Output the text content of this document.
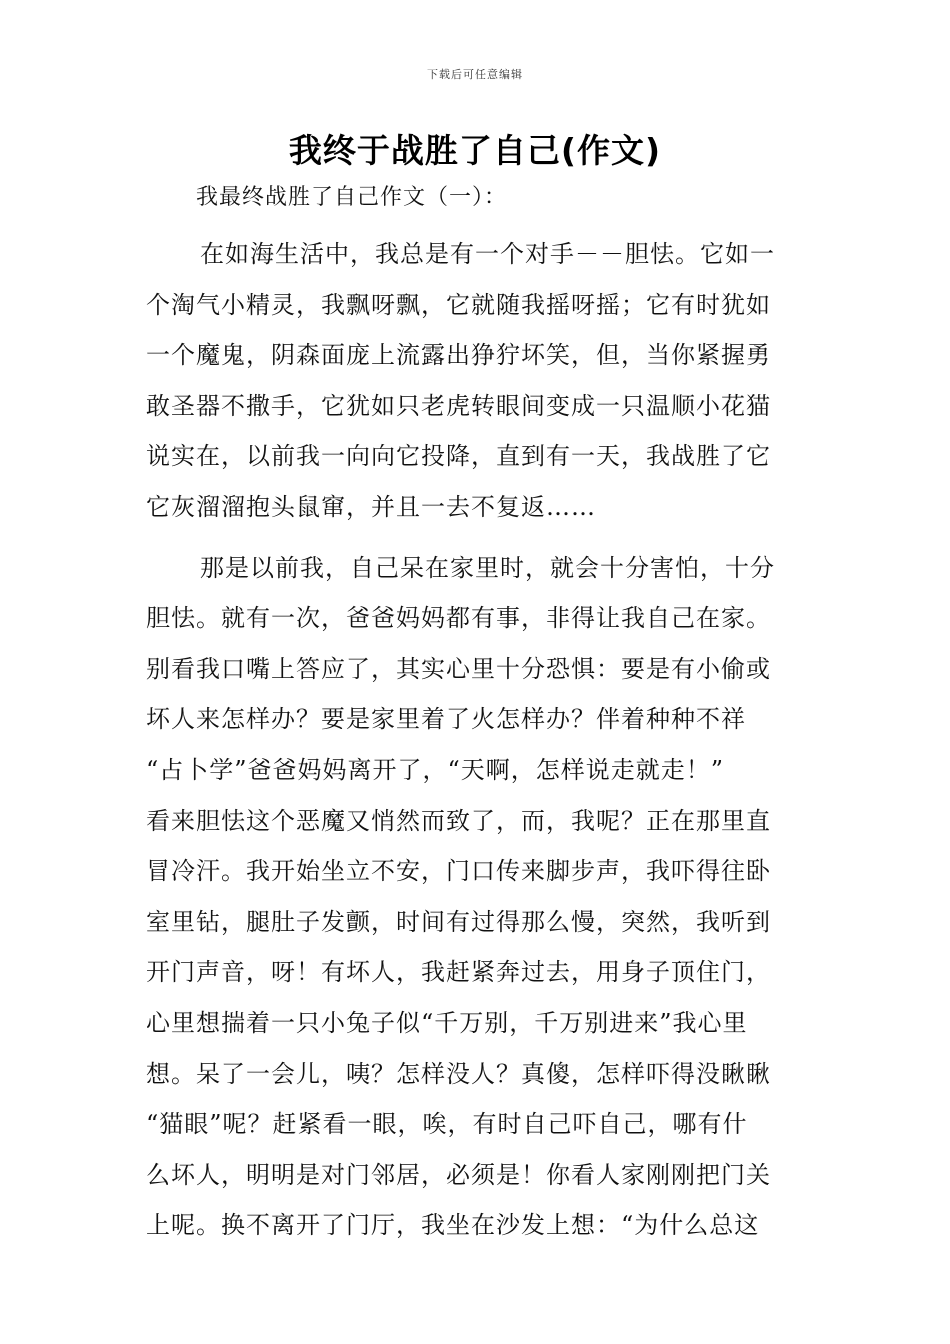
下载后可任意编辑
我终于战胜了自己(作文)
我最终战胜了自己作文（一）：
在如海生活中，我总是有一个对手－－胆怯。它如一
个淘气小精灵，我飘呀飘，它就随我摇呀摇；它有时犹如
一个魔鬼，阴森面庞上流露出狰狞坏笑，但，当你紧握勇
敢圣器不撒手，它犹如只老虎转眼间变成一只温顺小花猫
说实在，以前我一向向它投降，直到有一天，我战胜了它
它灰溜溜抱头鼠窜，并且一去不复返……
那是以前我，自己呆在家里时，就会十分害怕，十分
胆怯。就有一次，爸爸妈妈都有事，非得让我自己在家。
别看我口嘴上答应了，其实心里十分恐惧：要是有小偷或
坏人来怎样办？要是家里着了火怎样办？伴着种种不祥
“占卜学”爸爸妈妈离开了，“天啊，怎样说走就走！”
看来胆怯这个恶魔又悄然而致了，而，我呢？正在那里直
冒冷汗。我开始坐立不安，门口传来脚步声，我吓得往卧
室里钻，腿肚子发颤，时间有过得那么慢，突然，我听到
开门声音，呀！有坏人，我赶紧奔过去，用身子顶住门，
心里想揣着一只小兔子似“千万别，千万别进来”我心里
想。呆了一会儿，咦？怎样没人？真傻，怎样吓得没瞅瞅
“猫眼”呢？赶紧看一眼，唉，有时自己吓自己，哪有什
么坏人，明明是对门邻居，必须是！你看人家刚刚把门关
上呢。换不离开了门厅，我坐在沙发上想：“为什么总这
